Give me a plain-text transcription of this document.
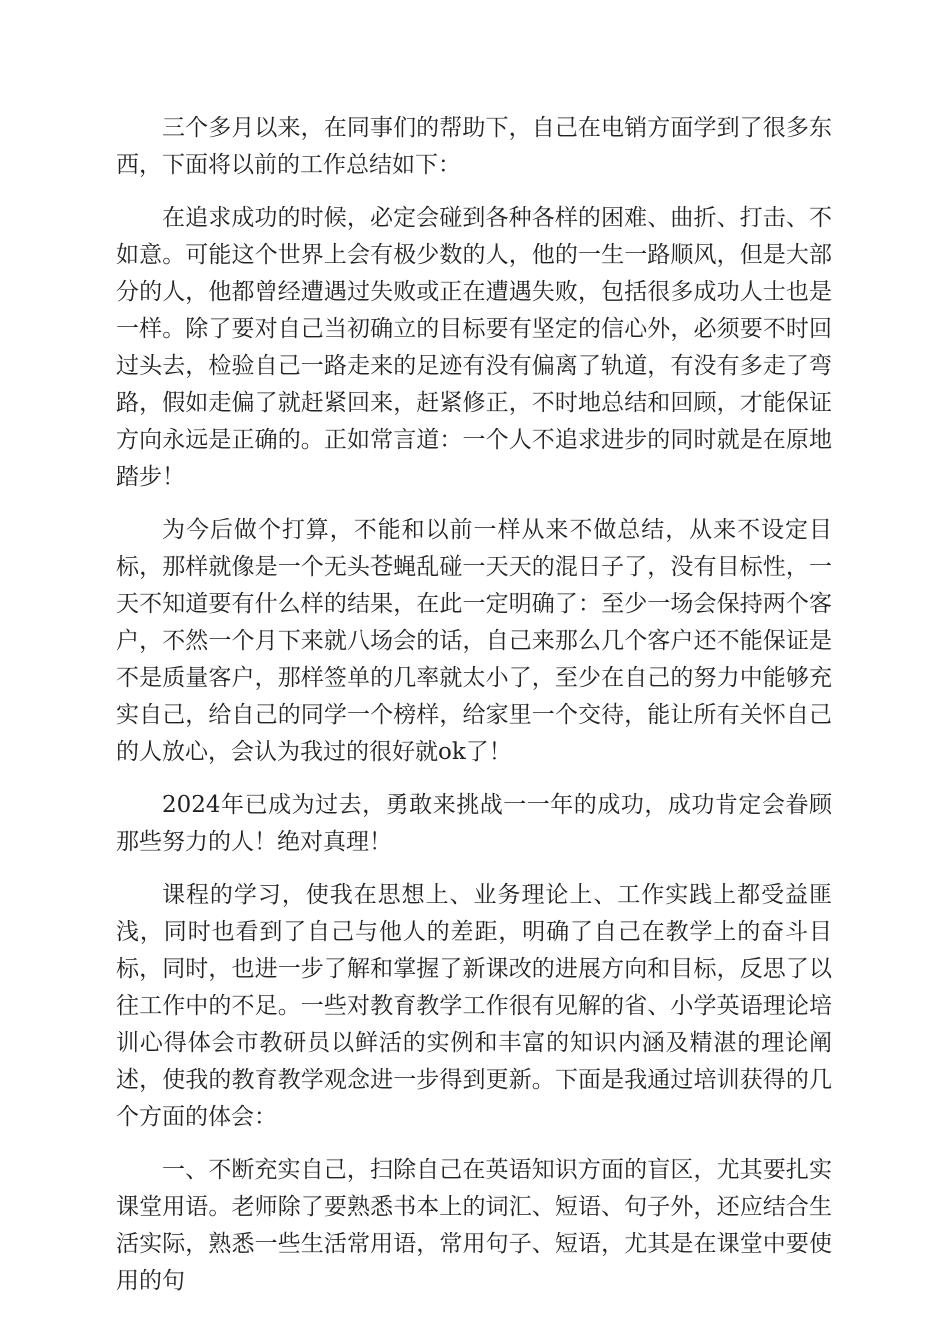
三个多月以来，在同事们的帮助下，自己在电销方面学到了很多东西，下面将以前的工作总结如下：

在追求成功的时候，必定会碰到各种各样的困难、曲折、打击、不如意。可能这个世界上会有极少数的人，他的一生一路顺风，但是大部分的人，他都曾经遭遇过失败或正在遭遇失败，包括很多成功人士也是一样。除了要对自己当初确立的目标要有坚定的信心外，必须要不时回过头去，检验自己一路走来的足迹有没有偏离了轨道，有没有多走了弯路，假如走偏了就赶紧回来，赶紧修正，不时地总结和回顾，才能保证方向永远是正确的。正如常言道：一个人不追求进步的同时就是在原地踏步！

为今后做个打算，不能和以前一样从来不做总结，从来不设定目标，那样就像是一个无头苍蝇乱碰一天天的混日子了，没有目标性，一天不知道要有什么样的结果，在此一定明确了：至少一场会保持两个客户，不然一个月下来就八场会的话，自己来那么几个客户还不能保证是不是质量客户，那样签单的几率就太小了，至少在自己的努力中能够充实自己，给自己的同学一个榜样，给家里一个交待，能让所有关怀自己的人放心，会认为我过的很好就ok了！

2024年已成为过去，勇敢来挑战一一年的成功，成功肯定会眷顾那些努力的人！绝对真理！

课程的学习，使我在思想上、业务理论上、工作实践上都受益匪浅，同时也看到了自己与他人的差距，明确了自己在教学上的奋斗目标，同时，也进一步了解和掌握了新课改的进展方向和目标，反思了以往工作中的不足。一些对教育教学工作很有见解的省、小学英语理论培训心得体会市教研员以鲜活的实例和丰富的知识内涵及精湛的理论阐述，使我的教育教学观念进一步得到更新。下面是我通过培训获得的几个方面的体会：

一、不断充实自己，扫除自己在英语知识方面的盲区，尤其要扎实课堂用语。老师除了要熟悉书本上的词汇、短语、句子外，还应结合生活实际，熟悉一些生活常用语，常用句子、短语，尤其是在课堂中要使用的句
